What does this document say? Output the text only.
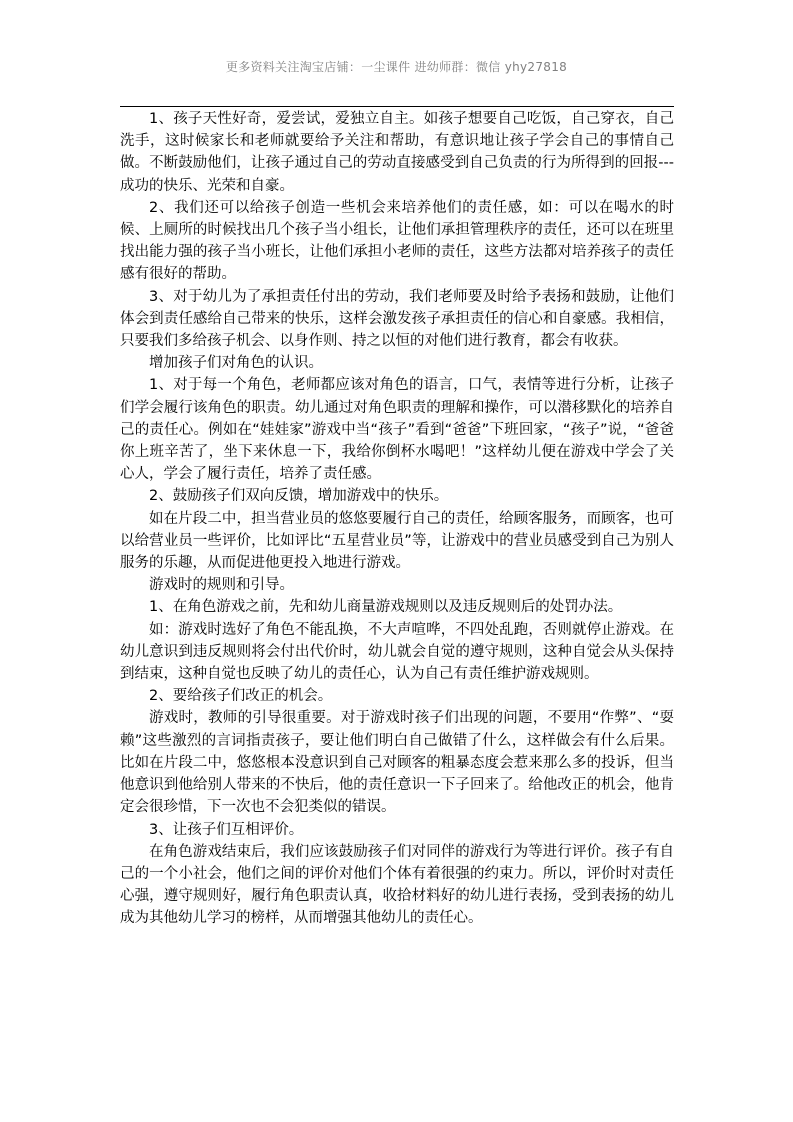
更多资料关注淘宝店铺：一尘课件 进幼师群：微信 yhy27818

1、孩子天性好奇，爱尝试，爱独立自主。如孩子想要自己吃饭，自己穿衣，自己洗手，这时候家长和老师就要给予关注和帮助，有意识地让孩子学会自己的事情自己做。不断鼓励他们，让孩子通过自己的劳动直接感受到自己负责的行为所得到的回报---成功的快乐、光荣和自豪。

2、我们还可以给孩子创造一些机会来培养他们的责任感，如：可以在喝水的时候、上厕所的时候找出几个孩子当小组长，让他们承担管理秩序的责任，还可以在班里找出能力强的孩子当小班长，让他们承担小老师的责任，这些方法都对培养孩子的责任感有很好的帮助。

3、对于幼儿为了承担责任付出的劳动，我们老师要及时给予表扬和鼓励，让他们体会到责任感给自己带来的快乐，这样会激发孩子承担责任的信心和自豪感。我相信，只要我们多给孩子机会、以身作则、持之以恒的对他们进行教育，都会有收获。

增加孩子们对角色的认识。

1、对于每一个角色，老师都应该对角色的语言，口气，表情等进行分析，让孩子们学会履行该角色的职责。幼儿通过对角色职责的理解和操作，可以潜移默化的培养自己的责任心。例如在“娃娃家”游戏中当“孩子”看到“爸爸”下班回家，“孩子”说，“爸爸你上班辛苦了，坐下来休息一下，我给你倒杯水喝吧！”这样幼儿便在游戏中学会了关心人，学会了履行责任，培养了责任感。

2、鼓励孩子们双向反馈，增加游戏中的快乐。

如在片段二中，担当营业员的悠悠要履行自己的责任，给顾客服务，而顾客，也可以给营业员一些评价，比如评比“五星营业员”等，让游戏中的营业员感受到自己为别人服务的乐趣，从而促进他更投入地进行游戏。

游戏时的规则和引导。

1、在角色游戏之前，先和幼儿商量游戏规则以及违反规则后的处罚办法。

如：游戏时选好了角色不能乱换，不大声喧哗，不四处乱跑，否则就停止游戏。在幼儿意识到违反规则将会付出代价时，幼儿就会自觉的遵守规则，这种自觉会从头保持到结束，这种自觉也反映了幼儿的责任心，认为自己有责任维护游戏规则。

2、要给孩子们改正的机会。

游戏时，教师的引导很重要。对于游戏时孩子们出现的问题，不要用“作弊”、“耍赖”这些激烈的言词指责孩子，要让他们明白自己做错了什么，这样做会有什么后果。比如在片段二中，悠悠根本没意识到自己对顾客的粗暴态度会惹来那么多的投诉，但当他意识到他给别人带来的不快后，他的责任意识一下子回来了。给他改正的机会，他肯定会很珍惜，下一次也不会犯类似的错误。

3、让孩子们互相评价。

在角色游戏结束后，我们应该鼓励孩子们对同伴的游戏行为等进行评价。孩子有自己的一个小社会，他们之间的评价对他们个体有着很强的约束力。所以，评价时对责任心强，遵守规则好，履行角色职责认真，收拾材料好的幼儿进行表扬，受到表扬的幼儿成为其他幼儿学习的榜样，从而增强其他幼儿的责任心。
